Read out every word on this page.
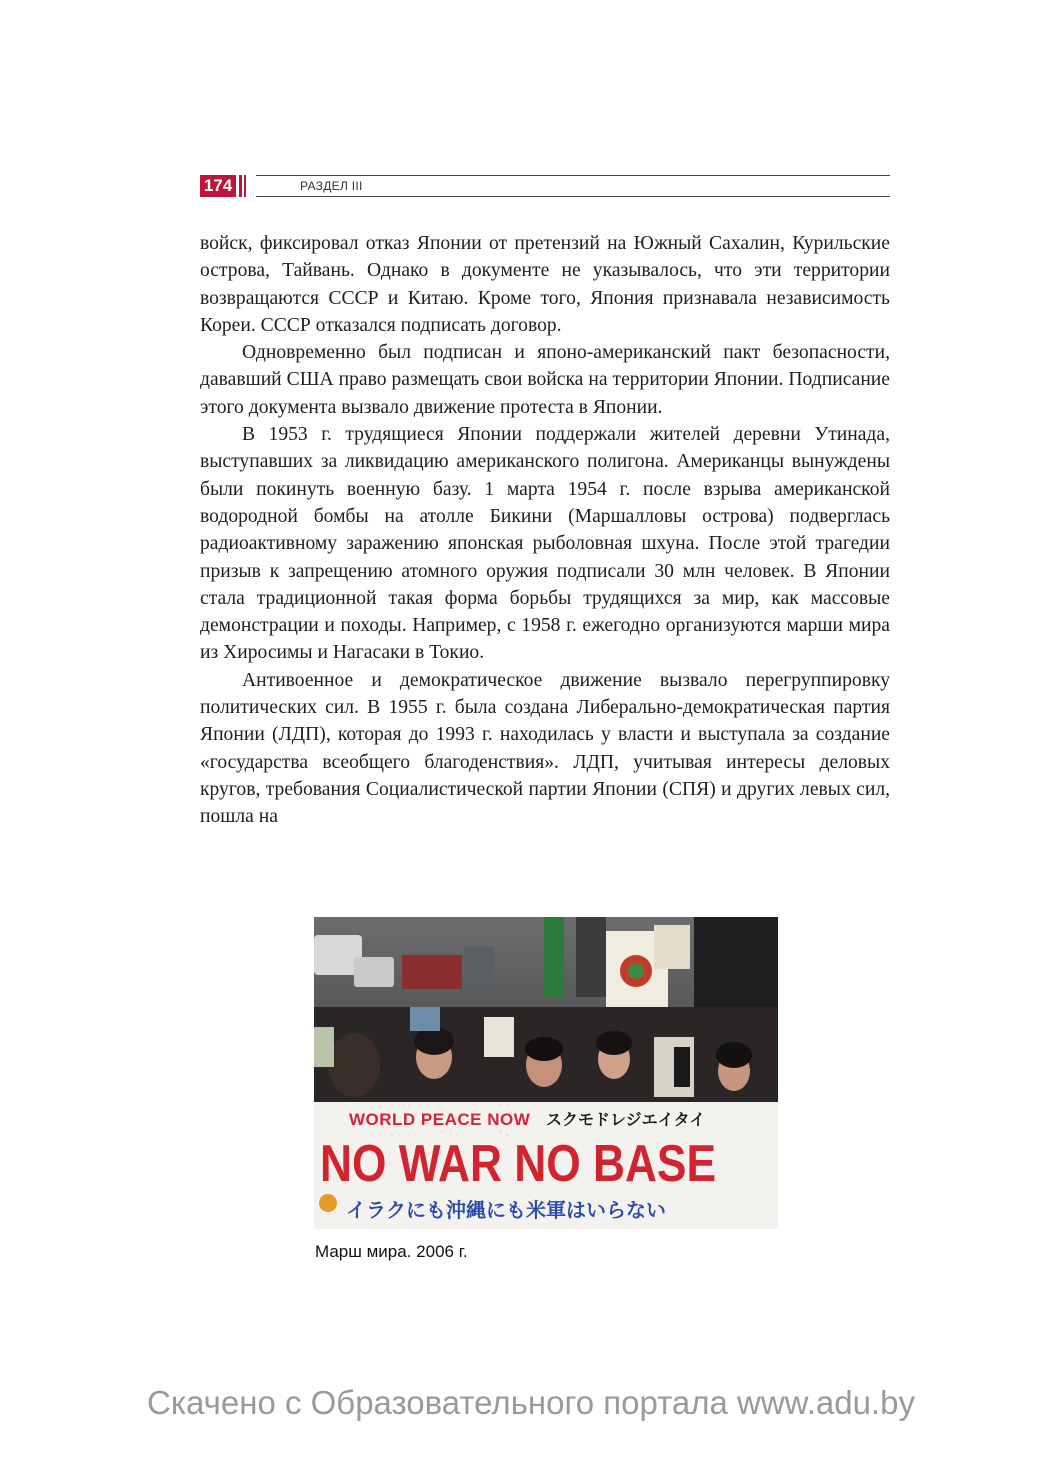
174	РАЗДЕЛ III

войск, фиксировал отказ Японии от претензий на Южный Сахалин, Курильские острова, Тайвань. Однако в документе не указывалось, что эти территории возвращаются СССР и Китаю. Кроме того, Япония признавала независимость Кореи. СССР отказался подписать договор.

Одновременно был подписан и японо-американский пакт безопасности, дававший США право размещать свои войска на территории Японии. Подписание этого документа вызвало движение протеста в Японии.

В 1953 г. трудящиеся Японии поддержали жителей деревни Утинада, выступавших за ликвидацию американского полигона. Американцы вынуждены были покинуть военную базу. 1 марта 1954 г. после взрыва американской водородной бомбы на атолле Бикини (Маршалловы острова) подверглась радиоактивному заражению японская рыболовная шхуна. После этой трагедии призыв к запрещению атомного оружия подписали 30 млн человек. В Японии стала традиционной такая форма борьбы трудящихся за мир, как массовые демонстрации и походы. Например, с 1958 г. ежегодно организуются марши мира из Хиросимы и Нагасаки в Токио.

Антивоенное и демократическое движение вызвало перегруппировку политических сил. В 1955 г. была создана Либерально-демократическая партия Японии (ЛДП), которая до 1993 г. находилась у власти и выступала за создание «государства всеобщего благоденствия». ЛДП, учитывая интересы деловых кругов, требования Социалистической партии Японии (СПЯ) и других левых сил, пошла на

WORLD PEACE NOW スクモドレジエイタイ
NO WAR NO BASE
イラクにも沖縄にも米軍はいらない
Марш мира. 2006 г.
Скачено с Образовательного портала www.adu.by
